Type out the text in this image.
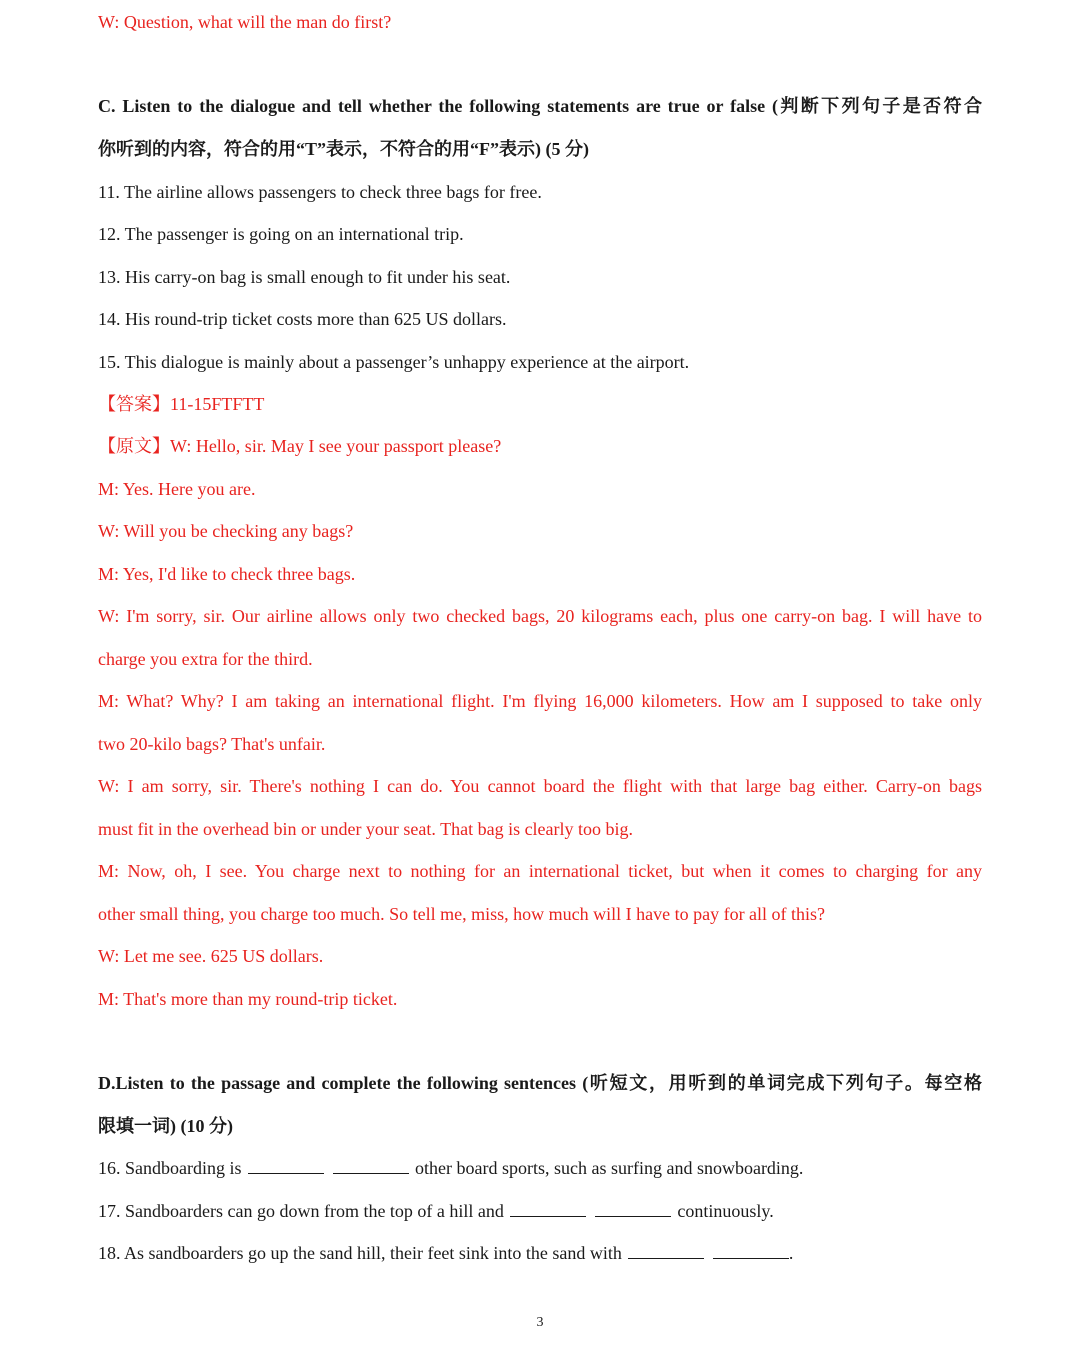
W: Question, what will the man do first?
C. Listen to the dialogue and tell whether the following statements are true or false (判断下列句子是否符合
你听到的内容，符合的用“T”表示，不符合的用“F”表示) (5 分)
11. The airline allows passengers to check three bags for free.
12. The passenger is going on an international trip.
13. His carry-on bag is small enough to fit under his seat.
14. His round-trip ticket costs more than 625 US dollars.
15. This dialogue is mainly about a passenger’s unhappy experience at the airport.
【答案】11-15FTFTT
【原文】W: Hello, sir. May I see your passport please?
M: Yes. Here you are.
W: Will you be checking any bags?
M: Yes, I'd like to check three bags.
W: I'm sorry, sir. Our airline allows only two checked bags, 20 kilograms each, plus one carry-on bag. I will have to
charge you extra for the third.
M: What? Why? I am taking an international flight. I'm flying 16,000 kilometers. How am I supposed to take only
two 20-kilo bags? That's unfair.
W: I am sorry, sir. There's nothing I can do. You cannot board the flight with that large bag either. Carry-on bags
must fit in the overhead bin or under your seat. That bag is clearly too big.
M: Now, oh, I see. You charge next to nothing for an international ticket, but when it comes to charging for any
other small thing, you charge too much. So tell me, miss, how much will I have to pay for all of this?
W: Let me see. 625 US dollars.
M: That's more than my round-trip ticket.
D.Listen to the passage and complete the following sentences (听短文，用听到的单词完成下列句子。每空格
限填一词) (10 分)
16. Sandboarding is	other board sports, such as surfing and snowboarding.
17. Sandboarders can go down from the top of a hill and	continuously.
18. As sandboarders go up the sand hill, their feet sink into the sand with	.
3
